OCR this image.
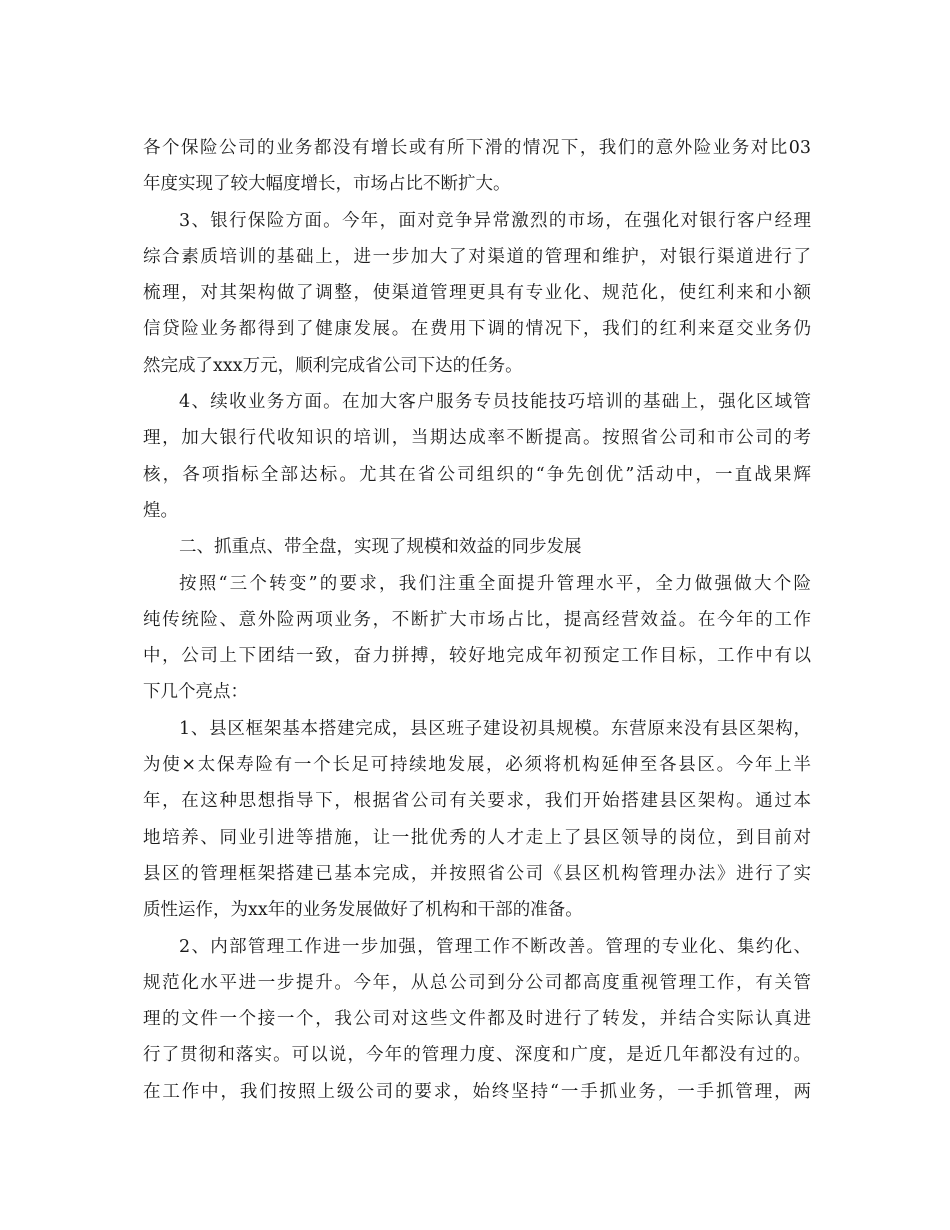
各个保险公司的业务都没有增长或有所下滑的情况下，我们的意外险业务对比03
年度实现了较大幅度增长，市场占比不断扩大。
3、银行保险方面。今年，面对竞争异常激烈的市场，在强化对银行客户经理
综合素质培训的基础上，进一步加大了对渠道的管理和维护，对银行渠道进行了
梳理，对其架构做了调整，使渠道管理更具有专业化、规范化，使红利来和小额
信贷险业务都得到了健康发展。在费用下调的情况下，我们的红利来趸交业务仍
然完成了xxx万元，顺利完成省公司下达的任务。
4、续收业务方面。在加大客户服务专员技能技巧培训的基础上，强化区域管
理，加大银行代收知识的培训，当期达成率不断提高。按照省公司和市公司的考
核，各项指标全部达标。尤其在省公司组织的“争先创优”活动中，一直战果辉
煌。
二、抓重点、带全盘，实现了规模和效益的同步发展
按照“三个转变”的要求，我们注重全面提升管理水平，全力做强做大个险
纯传统险、意外险两项业务，不断扩大市场占比，提高经营效益。在今年的工作
中，公司上下团结一致，奋力拼搏，较好地完成年初预定工作目标，工作中有以
下几个亮点：
1、县区框架基本搭建完成，县区班子建设初具规模。东营原来没有县区架构，
为使×太保寿险有一个长足可持续地发展，必须将机构延伸至各县区。今年上半
年，在这种思想指导下，根据省公司有关要求，我们开始搭建县区架构。通过本
地培养、同业引进等措施，让一批优秀的人才走上了县区领导的岗位，到目前对
县区的管理框架搭建已基本完成，并按照省公司《县区机构管理办法》进行了实
质性运作，为xx年的业务发展做好了机构和干部的准备。
2、内部管理工作进一步加强，管理工作不断改善。管理的专业化、集约化、
规范化水平进一步提升。今年，从总公司到分公司都高度重视管理工作，有关管
理的文件一个接一个，我公司对这些文件都及时进行了转发，并结合实际认真进
行了贯彻和落实。可以说，今年的管理力度、深度和广度，是近几年都没有过的。
在工作中，我们按照上级公司的要求，始终坚持“一手抓业务，一手抓管理，两
